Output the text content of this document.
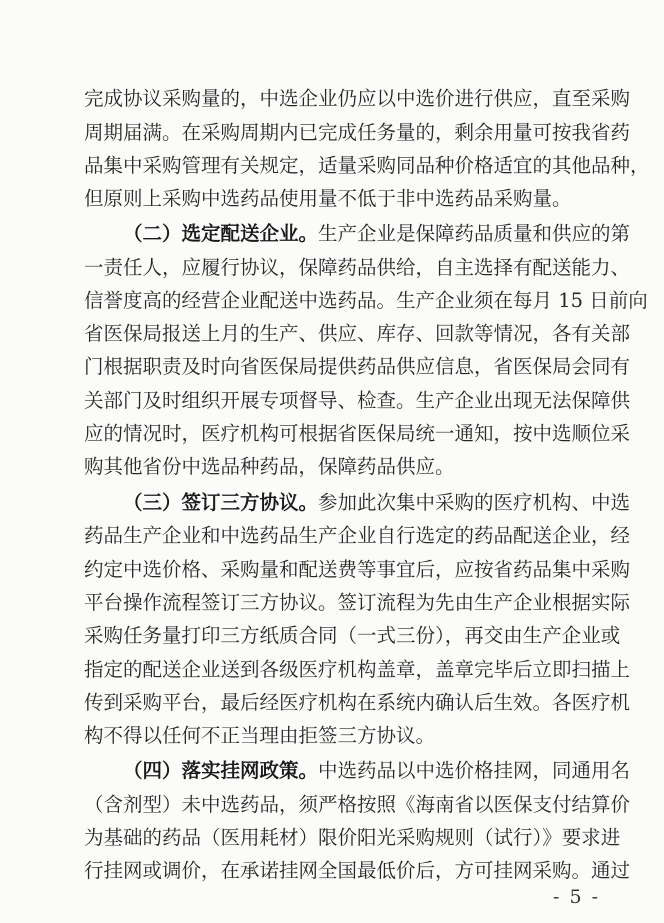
完成协议采购量的，中选企业仍应以中选价进行供应，直至采购
周期届满。在采购周期内已完成任务量的，剩余用量可按我省药
品集中采购管理有关规定，适量采购同品种价格适宜的其他品种，
但原则上采购中选药品使用量不低于非中选药品采购量。
（二）选定配送企业。生产企业是保障药品质量和供应的第
一责任人，应履行协议，保障药品供给，自主选择有配送能力、
信誉度高的经营企业配送中选药品。生产企业须在每月 15 日前向
省医保局报送上月的生产、供应、库存、回款等情况，各有关部
门根据职责及时向省医保局提供药品供应信息，省医保局会同有
关部门及时组织开展专项督导、检查。生产企业出现无法保障供
应的情况时，医疗机构可根据省医保局统一通知，按中选顺位采
购其他省份中选品种药品，保障药品供应。
（三）签订三方协议。参加此次集中采购的医疗机构、中选
药品生产企业和中选药品生产企业自行选定的药品配送企业，经
约定中选价格、采购量和配送费等事宜后，应按省药品集中采购
平台操作流程签订三方协议。签订流程为先由生产企业根据实际
采购任务量打印三方纸质合同（一式三份），再交由生产企业或
指定的配送企业送到各级医疗机构盖章，盖章完毕后立即扫描上
传到采购平台，最后经医疗机构在系统内确认后生效。各医疗机
构不得以任何不正当理由拒签三方协议。
（四）落实挂网政策。中选药品以中选价格挂网，同通用名
（含剂型）未中选药品，须严格按照《海南省以医保支付结算价
为基础的药品（医用耗材）限价阳光采购规则（试行）》要求进
行挂网或调价，在承诺挂网全国最低价后，方可挂网采购。通过
- 5 -
